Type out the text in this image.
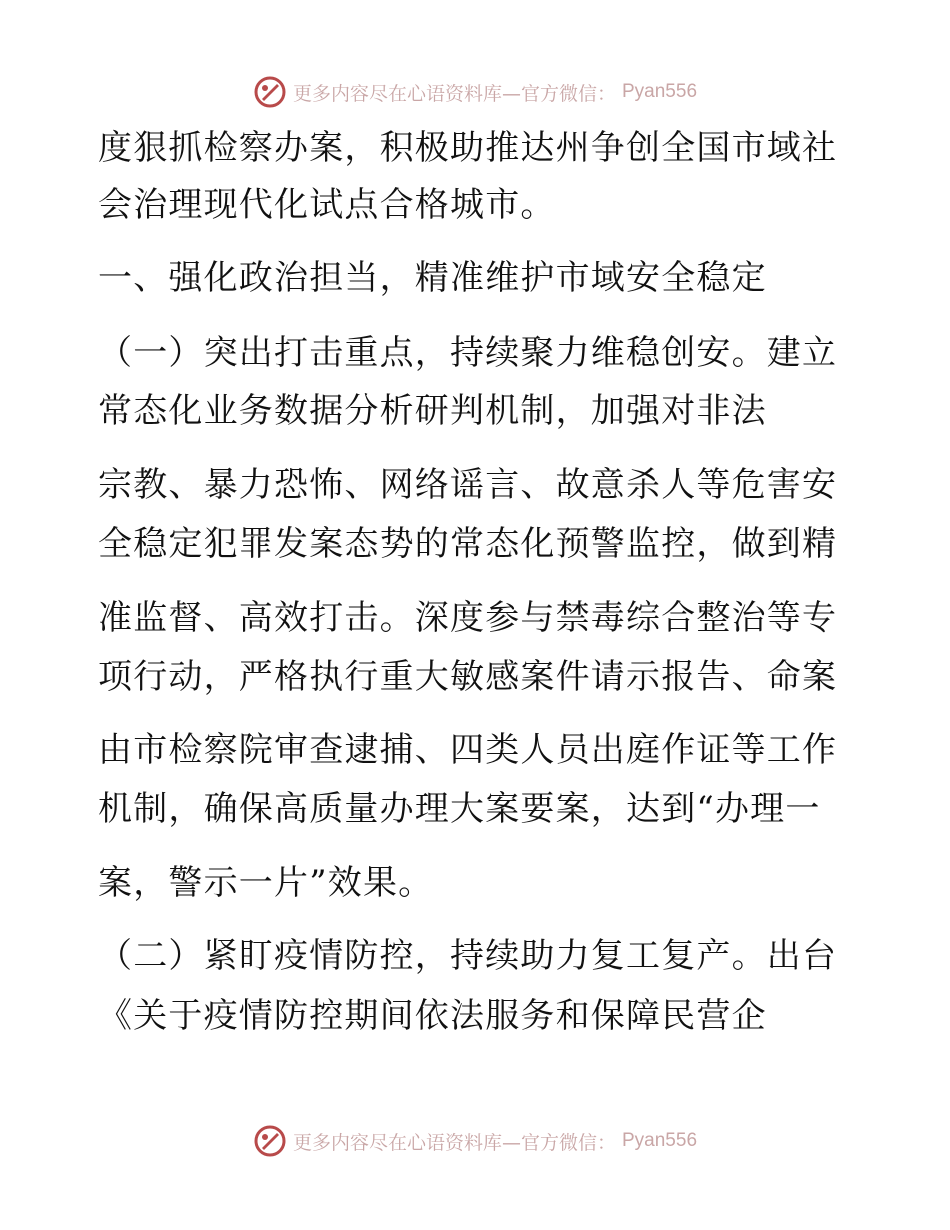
更多内容尽在心语资料库—官方微信： Pyan556
度狠抓检察办案，积极助推达州争创全国市域社
会治理现代化试点合格城市。
一、强化政治担当，精准维护市域安全稳定
（一）突出打击重点，持续聚力维稳创安。建立
常态化业务数据分析研判机制，加强对非法
宗教、暴力恐怖、网络谣言、故意杀人等危害安
全稳定犯罪发案态势的常态化预警监控，做到精
准监督、高效打击。深度参与禁毒综合整治等专
项行动，严格执行重大敏感案件请示报告、命案
由市检察院审查逮捕、四类人员出庭作证等工作
机制，确保高质量办理大案要案，达到“办理一
案，警示一片”效果。
（二）紧盯疫情防控，持续助力复工复产。出台
《关于疫情防控期间依法服务和保障民营企
更多内容尽在心语资料库—官方微信： Pyan556
